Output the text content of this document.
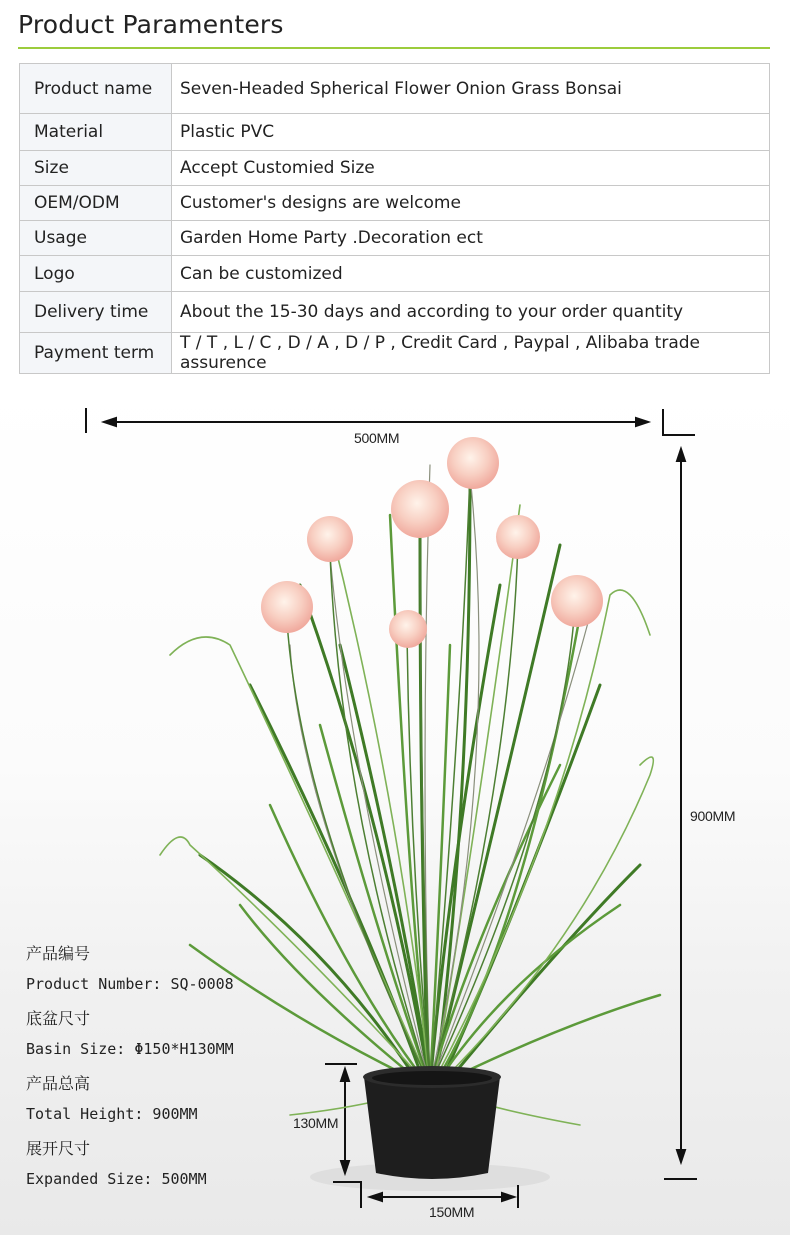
Product Paramenters
Product name	Seven-Headed Spherical Flower Onion Grass Bonsai
Material	Plastic PVC
Size	Accept Customied Size
OEM/ODM	Customer's designs are welcome
Usage	Garden Home Party .Decoration ect
Logo	Can be customized
Delivery time	About the 15-30 days and according to your order quantity
Payment term	T / T , L / C , D / A , D / P , Credit Card , Paypal , Alibaba trade assurence
500MM
900MM
130MM
150MM
产品编号
Product Number: SQ-0008
底盆尺寸
Basin Size: Φ150*H130MM
产品总高
Total Height: 900MM
展开尺寸
Expanded Size: 500MM
